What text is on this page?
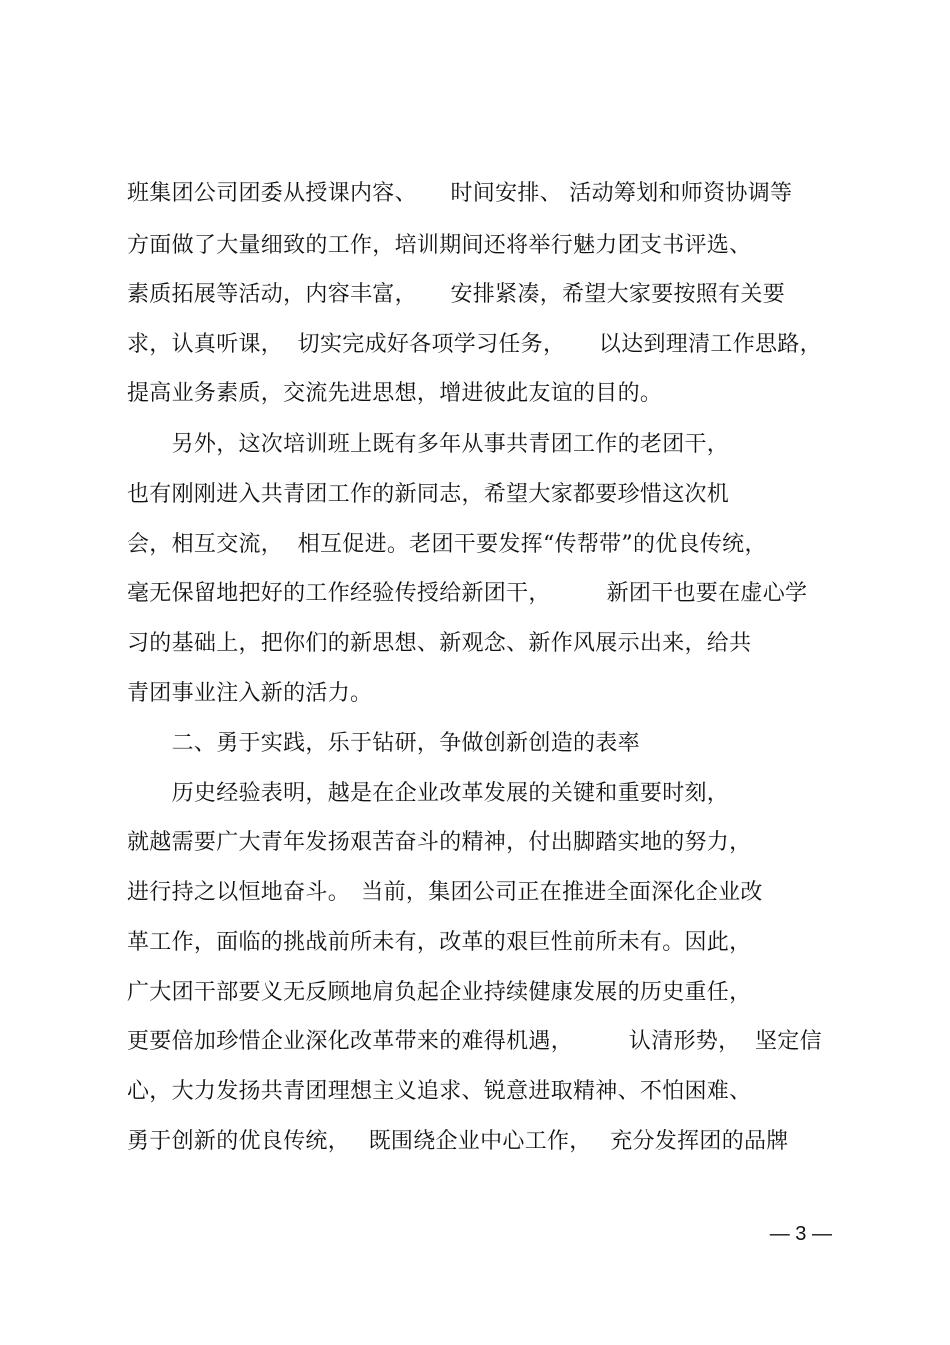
班集团公司团委从授课内容、　　时间安排、 活动筹划和师资协调等
方面做了大量细致的工作，培训期间还将举行魅力团支书评选、
素质拓展等活动，内容丰富，　　安排紧凑，希望大家要按照有关要
求，认真听课，  切实完成好各项学习任务，　　以达到理清工作思路，
提高业务素质，交流先进思想，增进彼此友谊的目的。
　　另外，这次培训班上既有多年从事共青团工作的老团干，
也有刚刚进入共青团工作的新同志，希望大家都要珍惜这次机
会，相互交流，  相互促进。老团干要发挥“传帮带”的优良传统，
毫无保留地把好的工作经验传授给新团干，　　　新团干也要在虚心学
习的基础上，把你们的新思想、新观念、新作风展示出来，给共
青团事业注入新的活力。
　　二、勇于实践，乐于钻研，争做创新创造的表率
　　历史经验表明，越是在企业改革发展的关键和重要时刻，
就越需要广大青年发扬艰苦奋斗的精神，付出脚踏实地的努力，
进行持之以恒地奋斗。　当前，集团公司正在推进全面深化企业改
革工作，面临的挑战前所未有，改革的艰巨性前所未有。因此，
广大团干部要义无反顾地肩负起企业持续健康发展的历史重任，
更要倍加珍惜企业深化改革带来的难得机遇，　　　认清形势，  坚定信
心，大力发扬共青团理想主义追求、锐意进取精神、不怕困难、
勇于创新的优良传统，　 既围绕企业中心工作，　 充分发挥团的品牌
— 3 —
